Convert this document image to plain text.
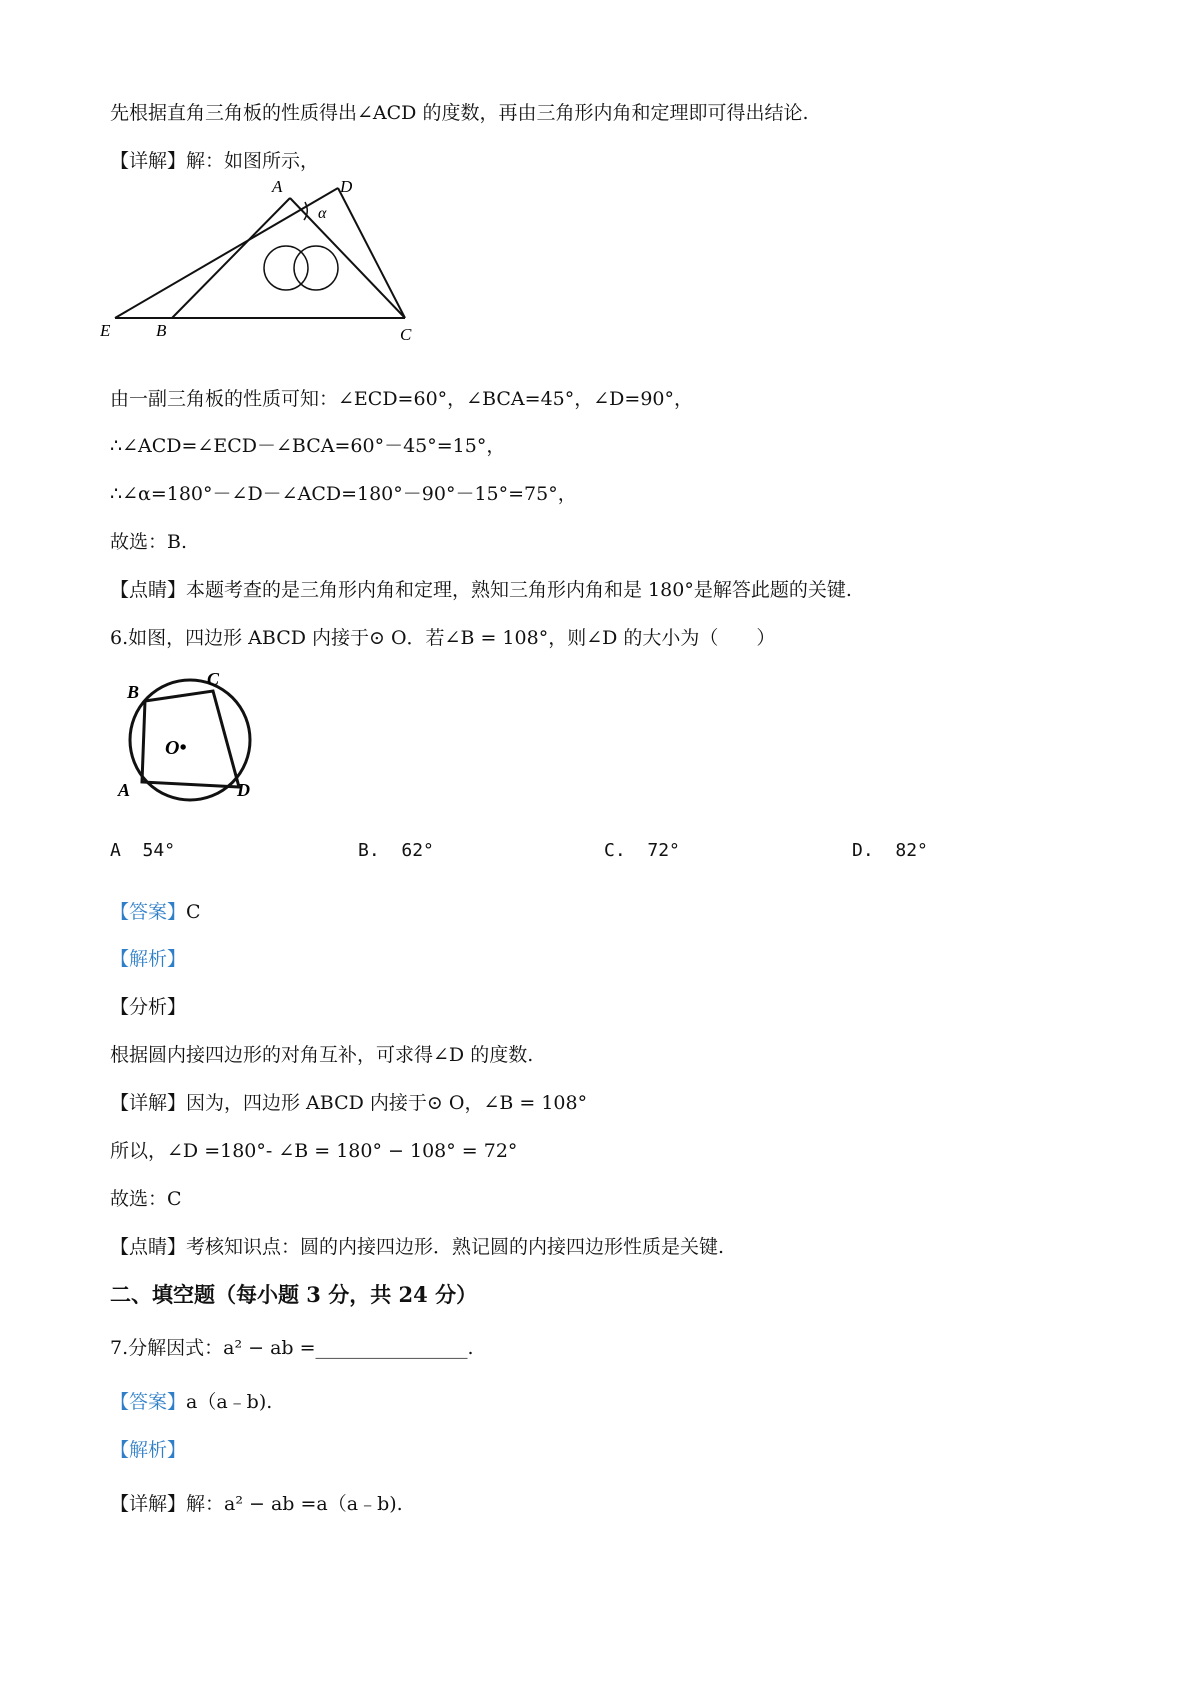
先根据直角三角板的性质得出∠ACD 的度数，再由三角形内角和定理即可得出结论.
【详解】解：如图所示，
A	D
α
E	B	C
由一副三角板的性质可知：∠ECD=60°，∠BCA=45°，∠D=90°，
∴∠ACD=∠ECD－∠BCA=60°－45°=15°，
∴∠α=180°－∠D－∠ACD=180°－90°－15°=75°，
故选：B.
【点睛】本题考查的是三角形内角和定理，熟知三角形内角和是 180°是解答此题的关键.
6.如图，四边形 ABCD 内接于⊙ O．若∠B = 108°，则∠D 的大小为（　　）
B
C
O•
A	D
A 54°	B. 62°	C. 72°	D. 82°
【答案】C
【解析】
【分析】
根据圆内接四边形的对角互补，可求得∠D 的度数.
【详解】因为，四边形 ABCD 内接于⊙ O，∠B = 108°
所以，∠D =180°- ∠B = 180° − 108° = 72°
故选：C
【点睛】考核知识点：圆的内接四边形．熟记圆的内接四边形性质是关键.
二、填空题（每小题 3 分，共 24 分）
7.分解因式：a² − ab =________________.
【答案】a（a﹣b).
【解析】
【详解】解：a² − ab =a（a﹣b).
